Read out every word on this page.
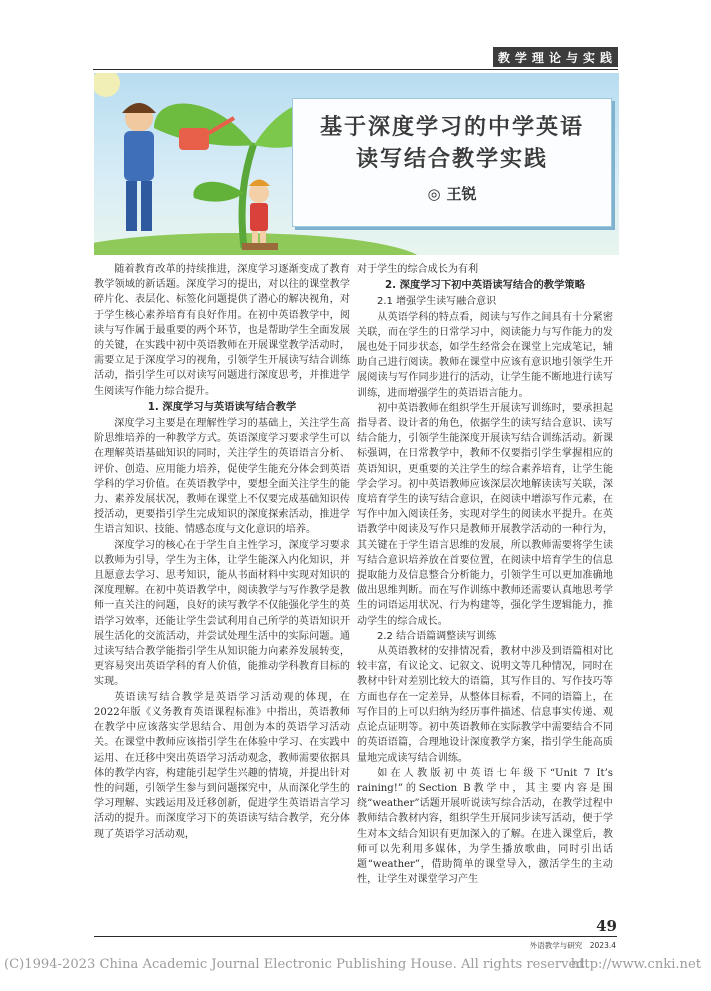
教 学 理 论 与 实 践
基于深度学习的中学英语
读写结合教学实践
◎ 王锐

随着教育改革的持续推进，深度学习逐渐变成了教育教学领域的新话题。深度学习的提出，对以往的课堂教学碎片化、表层化、标签化问题提供了潜心的解决视角，对于学生核心素养培育有良好作用。在初中英语教学中，阅读与写作属于最重要的两个环节，也是帮助学生全面发展的关键，在实践中初中英语教师在开展课堂教学活动时，需要立足于深度学习的视角，引领学生开展读写结合训练活动，指引学生可以对读写问题进行深度思考，并推进学生阅读写作能力综合提升。

1. 深度学习与英语读写结合教学

深度学习主要是在理解性学习的基础上，关注学生高阶思维培养的一种教学方式。英语深度学习要求学生可以在理解英语基础知识的同时，关注学生的英语语言分析、评价、创造、应用能力培养，促使学生能充分体会到英语学科的学习价值。在英语教学中，要想全面关注学生的能力、素养发展状况，教师在课堂上不仅要完成基础知识传授活动，更要指引学生完成知识的深度探索活动，推进学生语言知识、技能、情感态度与文化意识的培养。

深度学习的核心在于学生自主性学习，深度学习要求以教师为引导，学生为主体，让学生能深入内化知识，并且愿意去学习、思考知识，能从书面材料中实现对知识的深度理解。在初中英语教学中，阅读教学与写作教学是教师一直关注的问题，良好的读写教学不仅能强化学生的英语学习效率，还能让学生尝试利用自己所学的英语知识开展生活化的交流活动，并尝试处理生活中的实际问题。通过读写结合教学能指引学生从知识能力向素养发展转变，更容易突出英语学科的育人价值，能推动学科教育目标的实现。

英语读写结合教学是英语学习活动观的体现，在2022年版《义务教育英语课程标准》中指出，英语教师在教学中应该落实学思结合、用创为本的英语学习活动关。在课堂中教师应该指引学生在体验中学习、在实践中运用、在迁移中突出英语学习活动观念，教师需要依据具体的教学内容，构建能引起学生兴趣的情境，并提出针对性的问题，引领学生参与到问题探究中，从而深化学生的学习理解、实践运用及迁移创新，促进学生英语语言学习活动的提升。而深度学习下的英语读写结合教学，充分体现了英语学习活动观，

对于学生的综合成长为有利

2. 深度学习下初中英语读写结合的教学策略

2.1 增强学生读写融合意识

从英语学科的特点看，阅读与写作之间具有十分紧密关联，而在学生的日常学习中，阅读能力与写作能力的发展也处于同步状态，如学生经常会在课堂上完成笔记，辅助自己进行阅读。教师在课堂中应该有意识地引领学生开展阅读与写作同步进行的活动，让学生能不断地进行读写训练，进而增强学生的英语语言能力。

初中英语教师在组织学生开展读写训练时，要承担起指导者、设计者的角色，依据学生的读写结合意识、读写结合能力，引领学生能深度开展读写结合训练活动。新课标强调，在日常教学中，教师不仅要指引学生掌握相应的英语知识，更重要的关注学生的综合素养培育，让学生能学会学习。初中英语教师应该深层次地解读读写关联，深度培育学生的读写结合意识，在阅读中增添写作元素，在写作中加入阅读任务，实现对学生的阅读水平提升。在英语教学中阅读及写作只是教师开展教学活动的一种行为，其关键在于学生语言思维的发展，所以教师需要将学生读写结合意识培养放在首要位置，在阅读中培育学生的信息提取能力及信息整合分析能力，引领学生可以更加准确地做出思维判断。而在写作训练中教师还需要认真地思考学生的词语运用状况、行为构建等，强化学生逻辑能力，推动学生的综合成长。

2.2 结合语篇调整读写训练

从英语教材的安排情况看，教材中涉及到语篇相对比较丰富，有议论文、记叙文、说明文等几种情况，同时在教材中针对差别比较大的语篇，其写作目的、写作技巧等方面也存在一定差异，从整体目标看，不同的语篇上，在写作目的上可以归纳为经历事件描述、信息事实传递、观点论点证明等。初中英语教师在实际教学中需要结合不同的英语语篇，合理地设计深度教学方案，指引学生能高质量地完成读写结合训练。

如在人教版初中英语七年级下“Unit 7 It’s raining!”的Section B教学中，其主要内容是围绕“weather”话题开展听说读写综合活动，在教学过程中教师结合教材内容，组织学生开展同步读写活动，便于学生对本文结合知识有更加深入的了解。在进入课堂后，教师可以先利用多媒体，为学生播放歌曲，同时引出话题“weather”，借助简单的课堂导入，激活学生的主动性，让学生对课堂学习产生

49
外语教学与研究　2023.4
(C)1994-2023 China Academic Journal Electronic Publishing House. All rights reserved.
http://www.cnki.net
